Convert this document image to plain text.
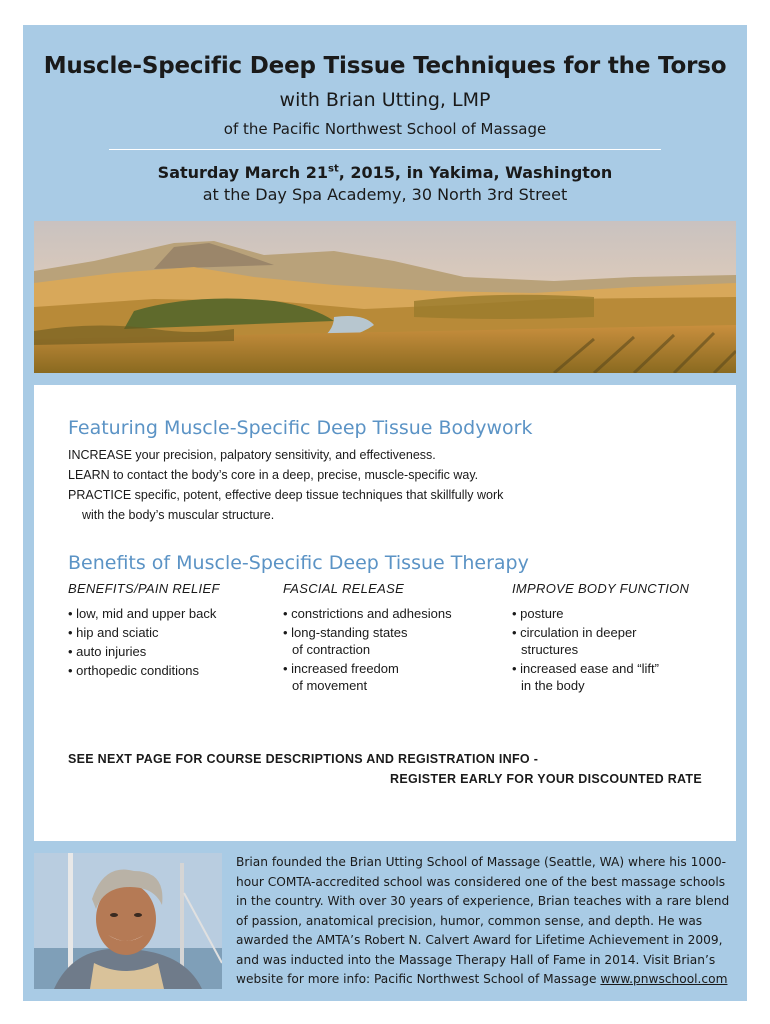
Muscle-Specific Deep Tissue Techniques for the Torso
with Brian Utting, LMP
of the Pacific Northwest School of Massage
Saturday March 21st, 2015, in Yakima, Washington
at the Day Spa Academy, 30 North 3rd Street
Featuring Muscle-Specific Deep Tissue Bodywork
INCREASE your precision, palpatory sensitivity, and effectiveness.
LEARN to contact the body’s core in a deep, precise, muscle-specific way.
PRACTICE specific, potent, effective deep tissue techniques that skillfully work
with the body’s muscular structure.
Benefits of Muscle-Specific Deep Tissue Therapy
BENEFITS/PAIN RELIEF
• low, mid and upper back
• hip and sciatic
• auto injuries
• orthopedic conditions
FASCIAL RELEASE
• constrictions and adhesions
• long-standing states
of contraction
• increased freedom
of movement
IMPROVE BODY FUNCTION
• posture
• circulation in deeper
structures
• increased ease and “lift”
in the body
SEE NEXT PAGE FOR COURSE DESCRIPTIONS AND REGISTRATION INFO -
REGISTER EARLY FOR YOUR DISCOUNTED RATE
Brian founded the Brian Utting School of Massage (Seattle, WA) where his 1000-hour COMTA-accredited school was considered one of the best massage schools in the country. With over 30 years of experience, Brian teaches with a rare blend of passion, anatomical precision, humor, common sense, and depth. He was awarded the AMTA’s Robert N. Calvert Award for Lifetime Achievement in 2009, and was inducted into the Massage Therapy Hall of Fame in 2014. Visit Brian’s website for more info: Pacific Northwest School of Massage www.pnwschool.com
